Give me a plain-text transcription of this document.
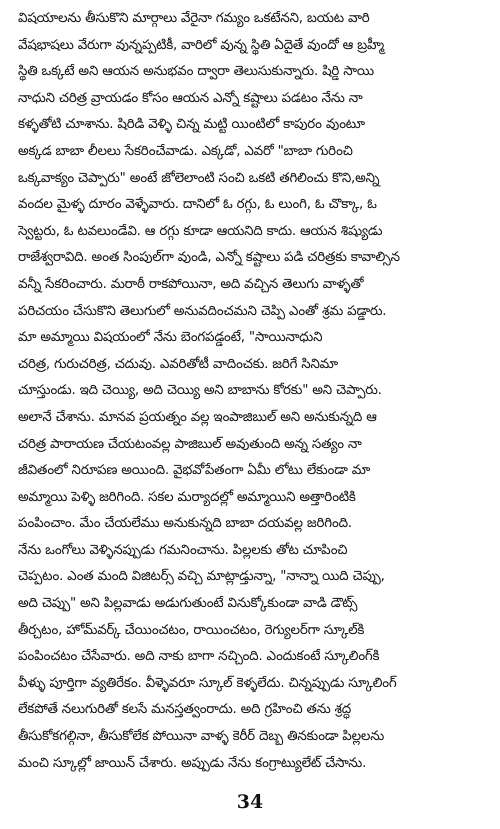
విషయాలను తీసుకొని మార్గాలు వేరైనా గమ్యం ఒకటేనని, బయట వారి
వేషభాషలు వేరుగా వున్నప్పటికీ, వారిలో వున్న స్థితి ఏదైతే వుందో ఆ బ్రహ్మీ
స్థితి ఒక్కటే అని ఆయన అనుభవం ద్వారా తెలుసుకున్నారు. షిర్డి సాయి
నాధుని చరిత్ర వ్రాయడం కోసం ఆయన ఎన్నో కష్టాలు పడటం నేను నా
కళ్ళతోటి చూశాను. షిరిడి వెళ్ళి చిన్న మట్టి యింటిలో కాపురం వుంటూ
అక్కడ బాబా లీలలు సేకరించేవాడు. ఎక్కడో, ఎవరో "బాబా గురించి
ఒక్కవాక్యం చెప్పారు" అంటే జోలెలాంటి సంచి ఒకటి తగిలించు కొని,అన్ని
వందల మైళ్ళ దూరం వెళ్ళేవారు. దానిలో ఓ రగ్గు, ఓ లుంగి, ఓ చొక్కా, ఓ
స్వెట్టరు, ఓ టవలుండేవి. ఆ రగ్గు కూడా ఆయనిది కాదు. ఆయన శిష్యుడు
రాజేశ్వరావిది. అంత సింపుల్‌గా వుండి, ఎన్నో కష్టాలు పడి చరిత్రకు కావాల్సిన
వన్నీ సేకరించారు. మరాఠీ రాకపోయినా, అది వచ్చిన తెలుగు వాళ్ళతో
పరిచయం చేసుకొని తెలుగులో అనువదించమని చెప్పి ఎంతో శ్రమ పడ్డారు.
మా అమ్మాయి విషయంలో నేను బెంగపడ్డంటే, "సాయినాధుని
చరిత్ర, గురుచరిత్ర, చదువు. ఎవరితోటీ వాదించకు. జరిగే సినిమా
చూస్తుండు. ఇది చెయ్యి, అది చెయ్యి అని బాబాను కోరకు" అని చెప్పారు.
అలానే చేశాను. మానవ ప్రయత్నం వల్ల ఇంపాజిబుల్ అని అనుకున్నది ఆ
చరిత్ర పారాయణ చేయటంవల్ల పాజిబుల్ అవుతుంది అన్న సత్యం నా
జీవితంలో నిరూపణ అయింది. వైభవోపేతంగా ఏమీ లోటు లేకుండా మా
అమ్మాయి పెళ్ళి జరిగింది. సకల మర్యాదల్లో అమ్మాయిని అత్తారింటికి
పంపించాం. మేం చేయలేము అనుకున్నది బాబా దయవల్ల జరిగింది.
నేను ఒంగోలు వెళ్ళినప్పుడు గమనించాను. పిల్లలకు తోట చూపించి
చెప్పటం. ఎంత మంది విజిటర్స్ వచ్చి మాట్లాడ్తున్నా, "నాన్నా యిది చెప్పు,
అది చెప్పు" అని పిల్లవాడు అడుగుతుంటే వినుక్కోకుండా వాడి డౌట్స్
తీర్చటం, హోమ్‌వర్క్ చేయించటం, రాయించటం, రెగ్యులర్‌గా స్కూల్‌కి
పంపించటం చేసేవారు. అది నాకు బాగా నచ్చింది. ఎందుకంటే స్కూలింగ్‌కి
వీళ్ళు పూర్తిగా వ్యతిరేకం. వీళ్ళెవరూ స్కూల్ కెళ్ళలేదు. చిన్నప్పుడు స్కూలింగ్
లేకపోతే నలుగురితో కలసే మనస్తత్వంరాదు. అది గ్రహించి తను శ్రద్ధ
తీసుకోకగల్గినా, తీసుకోలేక పోయినా వాళ్ళ కెరీర్ దెబ్బ తినకుండా పిల్లలను
మంచి స్కూల్లో జాయిన్ చేశారు. అప్పుడు నేను కంగ్రాట్యులేట్ చేసాను.
34
